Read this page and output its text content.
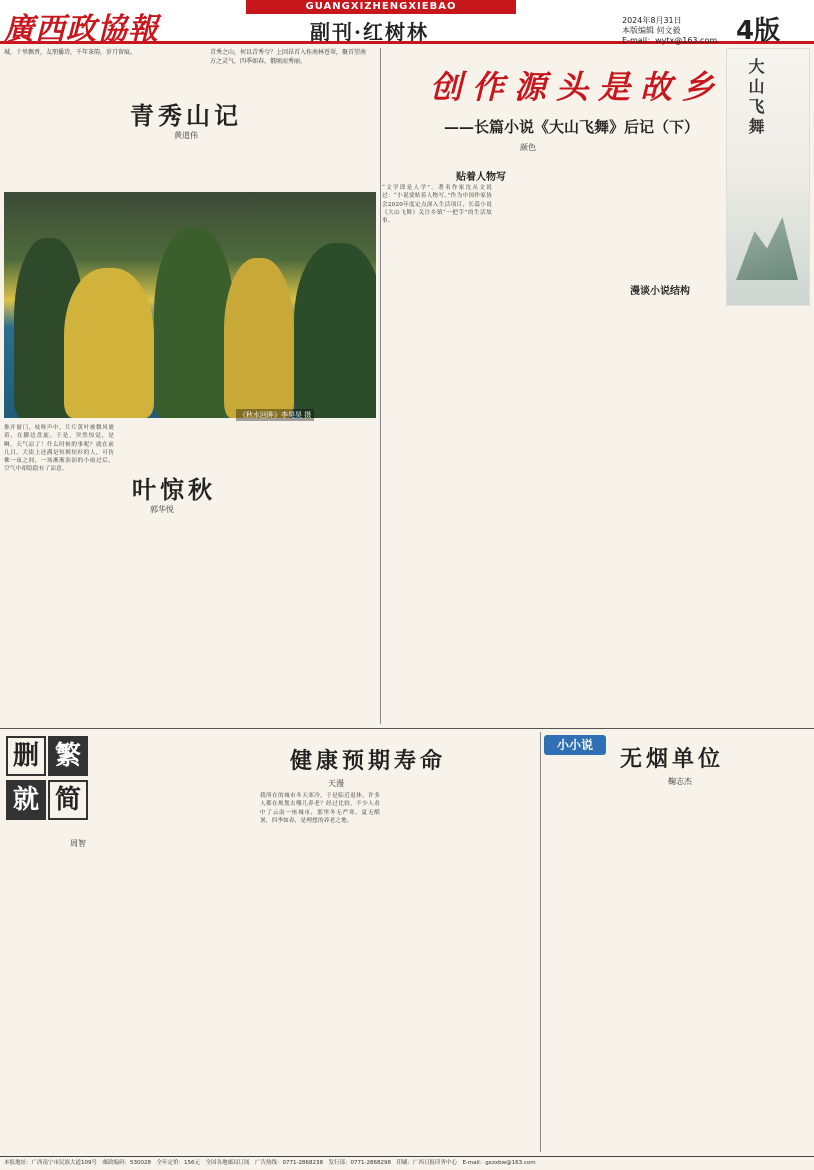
廣西政協報
GUANGXIZHENGXIEBAO
副刊·红树林	2024年8月31日
本版编辑 何文毅
E-mail：wytx@163.com 4版
青秀之山，何以青秀兮？上因昂首入桂南林苍翠，聚首望南方之灵气，四季如春，俄顷而秀丽。
城，十里飘香，友朋播诗，千年茶韵，岁月留痕。
青秀山记
黄道伟
《秋水回眸》李昊昊 摄
推开窗门，吱呀声中，片片黄叶被微风裹着，在脚边盘旋。于是，突然惊觉，是啊，天气凉了！什么时候的事呢？就在前几日，大街上还满是短裤短衫的人，可仿佛一夜之间，一场淅淅沥沥的小雨过后，空气中却隐隐有了凉意。
叶惊秋
郭华悦
创作源头是故乡
——长篇小说《大山飞舞》后记（下）
颜色
贴着人物写
漫谈小说结构
“文学即是人学”。著名作家沈从文说过：“小说要贴着人物写。”作为中国作家协会2020年度定点深入生活项目，长篇小说《大山飞舞》关注乡镇“一把手”的生活故事。
大山飞舞
删 繁
就 简
周智
健康预期寿命
天漫
我所在的城市冬天寒冷，于是临近退休，许多人都在规划去哪儿养老？经过比较，不少人看中了云南一座城市，那里冬无严寒，夏无酷暑，四季如春，是理想的养老之地。
小小说
无烟单位
鞠志杰
本报地址：广西南宁市民族大道109号　邮政编码：530028　全年定价：156元　全国各地邮局订阅　广告热线：0771-2868238　发行部：0771-2868298　印刷：广西日报印务中心　E-mail：gxzxbw@163.com
